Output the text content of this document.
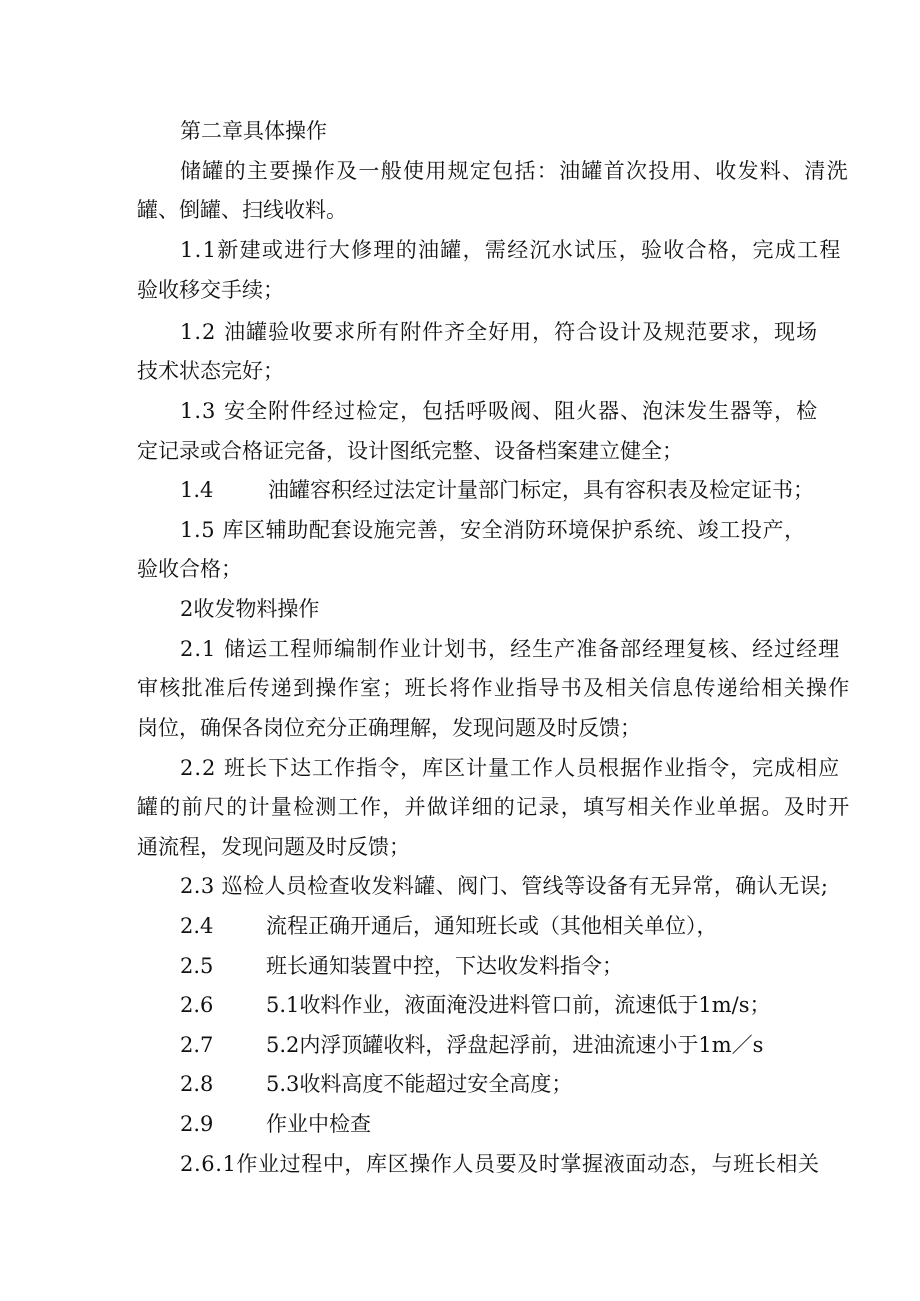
第二章具体操作
储罐的主要操作及一般使用规定包括：油罐首次投用、收发料、清洗
罐、倒罐、扫线收料。
1.1新建或进行大修理的油罐，需经沉水试压，验收合格，完成工程
验收移交手续；
1.2 油罐验收要求所有附件齐全好用，符合设计及规范要求，现场
技术状态完好；
1.3 安全附件经过检定，包括呼吸阀、阻火器、泡沫发生器等，检
定记录或合格证完备，设计图纸完整、设备档案建立健全；
1.4	油罐容积经过法定计量部门标定，具有容积表及检定证书；
1.5 库区辅助配套设施完善，安全消防环境保护系统、竣工投产，
验收合格；
2收发物料操作
2.1 储运工程师编制作业计划书，经生产准备部经理复核、经过经理
审核批准后传递到操作室；班长将作业指导书及相关信息传递给相关操作
岗位，确保各岗位充分正确理解，发现问题及时反馈；
2.2 班长下达工作指令，库区计量工作人员根据作业指令，完成相应
罐的前尺的计量检测工作，并做详细的记录，填写相关作业单据。及时开
通流程，发现问题及时反馈；
2.3 巡检人员检查收发料罐、阀门、管线等设备有无异常，确认无误;
2.4	流程正确开通后，通知班长或（其他相关单位），
2.5	班长通知装置中控，下达收发料指令；
2.6	5.1收料作业，液面淹没进料管口前，流速低于1m/s；
2.7	5.2内浮顶罐收料，浮盘起浮前，进油流速小于1m／s
2.8	5.3收料高度不能超过安全高度；
2.9	作业中检查
2.6.1作业过程中，库区操作人员要及时掌握液面动态，与班长相关
